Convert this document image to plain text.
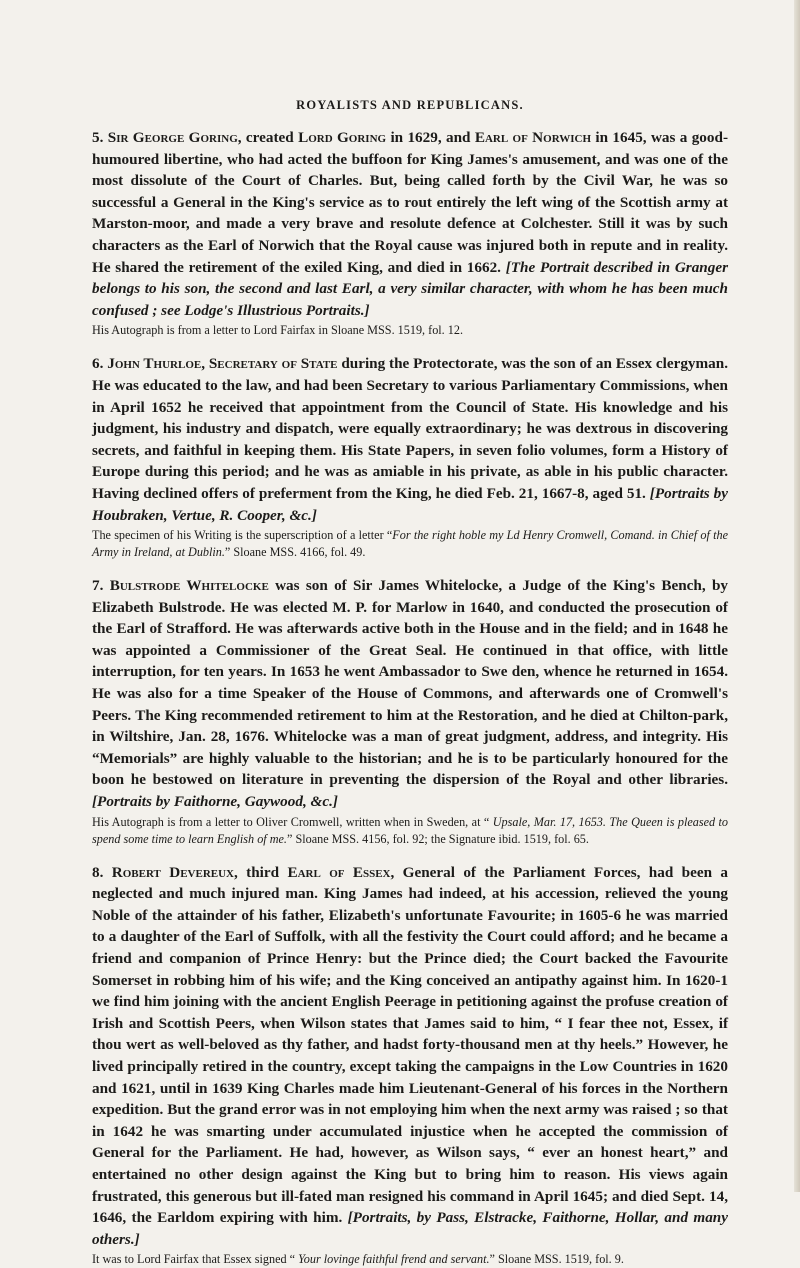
ROYALISTS AND REPUBLICANS.

5. Sir George Goring, created Lord Goring in 1629, and Earl of Norwich in 1645, was a good-humoured libertine, who had acted the buffoon for King James's amusement, and was one of the most dissolute of the Court of Charles. But, being called forth by the Civil War, he was so successful a General in the King's service as to rout entirely the left wing of the Scottish army at Marston-moor, and made a very brave and resolute defence at Colchester. Still it was by such characters as the Earl of Norwich that the Royal cause was injured both in repute and in reality. He shared the retirement of the exiled King, and died in 1662. [The Portrait described in Granger belongs to his son, the second and last Earl, a very similar character, with whom he has been much confused ; see Lodge's Illustrious Portraits.]

His Autograph is from a letter to Lord Fairfax in Sloane MSS. 1519, fol. 12.

6. John Thurloe, Secretary of State during the Protectorate, was the son of an Essex clergyman. He was educated to the law, and had been Secretary to various Parliamentary Commissions, when in April 1652 he received that appointment from the Council of State. His knowledge and his judgment, his industry and dispatch, were equally extraordinary; he was dextrous in discovering secrets, and faithful in keeping them. His State Papers, in seven folio volumes, form a History of Europe during this period; and he was as amiable in his private, as able in his public character. Having declined offers of preferment from the King, he died Feb. 21, 1667-8, aged 51. [Portraits by Houbraken, Vertue, R. Cooper, &c.]

The specimen of his Writing is the superscription of a letter “For the right hoble my Ld Henry Cromwell, Comand. in Chief of the Army in Ireland, at Dublin.” Sloane MSS. 4166, fol. 49.

7. Bulstrode Whitelocke was son of Sir James Whitelocke, a Judge of the King's Bench, by Elizabeth Bulstrode. He was elected M. P. for Marlow in 1640, and conducted the prosecution of the Earl of Strafford. He was afterwards active both in the House and in the field; and in 1648 he was appointed a Commissioner of the Great Seal. He continued in that office, with little interruption, for ten years. In 1653 he went Ambassador to Swe den, whence he returned in 1654. He was also for a time Speaker of the House of Commons, and afterwards one of Cromwell's Peers. The King recommended retirement to him at the Restoration, and he died at Chilton-park, in Wiltshire, Jan. 28, 1676. Whitelocke was a man of great judgment, address, and integrity. His “Memorials” are highly valuable to the historian; and he is to be particularly honoured for the boon he bestowed on literature in preventing the dispersion of the Royal and other libraries. [Portraits by Faithorne, Gaywood, &c.]

His Autograph is from a letter to Oliver Cromwell, written when in Sweden, at “ Upsale, Mar. 17, 1653. The Queen is pleased to spend some time to learn English of me.” Sloane MSS. 4156, fol. 92; the Signature ibid. 1519, fol. 65.

8. Robert Devereux, third Earl of Essex, General of the Parliament Forces, had been a neglected and much injured man. King James had indeed, at his accession, relieved the young Noble of the attainder of his father, Elizabeth's unfortunate Favourite; in 1605-6 he was married to a daughter of the Earl of Suffolk, with all the festivity the Court could afford; and he became a friend and companion of Prince Henry: but the Prince died; the Court backed the Favourite Somerset in robbing him of his wife; and the King conceived an antipathy against him. In 1620-1 we find him joining with the ancient English Peerage in petitioning against the profuse creation of Irish and Scottish Peers, when Wilson states that James said to him, “ I fear thee not, Essex, if thou wert as well-beloved as thy father, and hadst forty-thousand men at thy heels.” However, he lived principally retired in the country, except taking the campaigns in the Low Countries in 1620 and 1621, until in 1639 King Charles made him Lieutenant-General of his forces in the Northern expedition. But the grand error was in not employing him when the next army was raised ; so that in 1642 he was smarting under accumulated injustice when he accepted the commission of General for the Parliament. He had, however, as Wilson says, “ ever an honest heart,” and entertained no other design against the King but to bring him to reason. His views again frustrated, this generous but ill-fated man resigned his command in April 1645; and died Sept. 14, 1646, the Earldom expiring with him. [Portraits, by Pass, Elstracke, Faithorne, Hollar, and many others.]

It was to Lord Fairfax that Essex signed “ Your lovinge faithful frend and servant.” Sloane MSS. 1519, fol. 9.
